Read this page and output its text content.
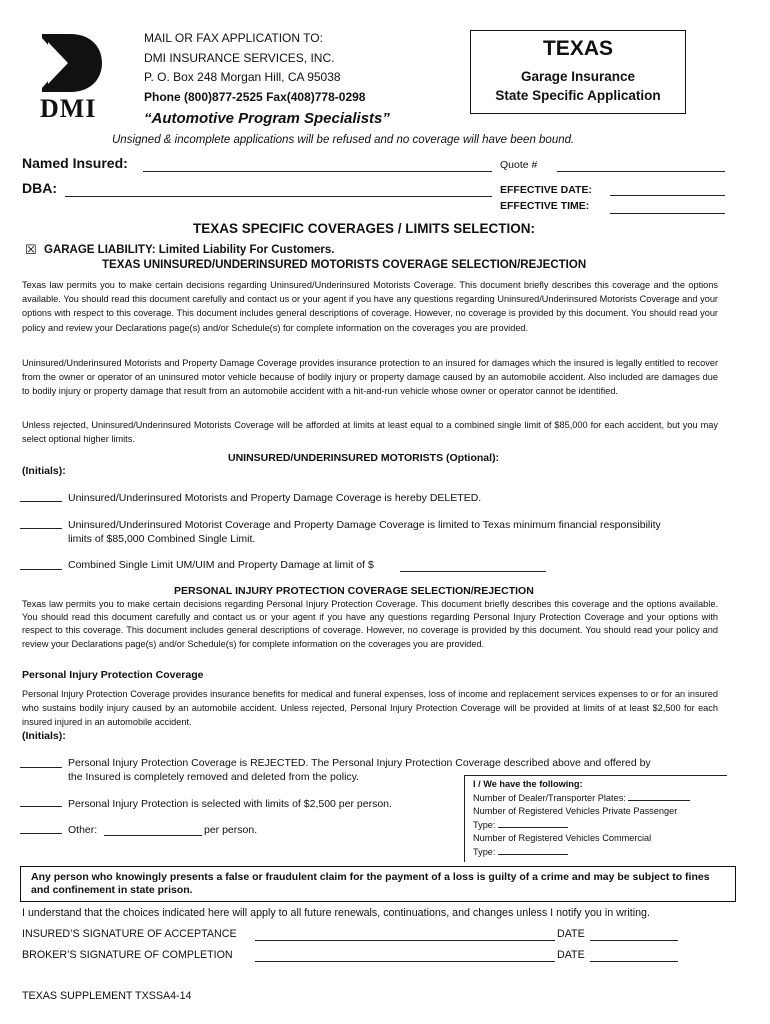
DMI
MAIL OR FAX APPLICATION TO:
DMI INSURANCE SERVICES, INC.
P. O. Box 248 Morgan Hill, CA 95038
Phone (800)877-2525 Fax(408)778-0298
“Automotive Program Specialists”
TEXAS
Garage Insurance
State Specific Application
Unsigned & incomplete applications will be refused and no coverage will have been bound.
Named Insured:
DBA:
Quote #
EFFECTIVE DATE:
EFFECTIVE TIME:
TEXAS SPECIFIC COVERAGES / LIMITS SELECTION:
☒ GARAGE LIABILITY: Limited Liability For Customers.
TEXAS UNINSURED/UNDERINSURED MOTORISTS COVERAGE SELECTION/REJECTION
Texas law permits you to make certain decisions regarding Uninsured/Underinsured Motorists Coverage. This document briefly describes this coverage and the options available. You should read this document carefully and contact us or your agent if you have any questions regarding Uninsured/Underinsured Motorists Coverage and your options with respect to this coverage. This document includes general descriptions of coverage. However, no coverage is provided by this document. You should read your policy and review your Declarations page(s) and/or Schedule(s) for complete information on the coverages you are provided.
Uninsured/Underinsured Motorists and Property Damage Coverage provides insurance protection to an insured for damages which the insured is legally entitled to recover from the owner or operator of an uninsured motor vehicle because of bodily injury or property damage caused by an automobile accident. Also included are damages due to bodily injury or property damage that result from an automobile accident with a hit-and-run vehicle whose owner or operator cannot be identified.
Unless rejected, Uninsured/Underinsured Motorists Coverage will be afforded at limits at least equal to a combined single limit of $85,000 for each accident, but you may select optional higher limits.
UNINSURED/UNDERINSURED MOTORISTS (Optional):
(Initials):
Uninsured/Underinsured Motorists and Property Damage Coverage is hereby DELETED.
Uninsured/Underinsured Motorist Coverage and Property Damage Coverage is limited to Texas minimum financial responsibility
limits of $85,000 Combined Single Limit.
Combined Single Limit UM/UIM and Property Damage at limit of $
PERSONAL INJURY PROTECTION COVERAGE SELECTION/REJECTION
Texas law permits you to make certain decisions regarding Personal Injury Protection Coverage. This document briefly describes this coverage and the options available. You should read this document carefully and contact us or your agent if you have any questions regarding Personal Injury Protection Coverage and your options with respect to this coverage. This document includes general descriptions of coverage. However, no coverage is provided by this document. You should read your policy and review your Declarations page(s) and/or Schedule(s) for complete information on the coverages you are provided.
Personal Injury Protection Coverage
Personal Injury Protection Coverage provides insurance benefits for medical and funeral expenses, loss of income and replacement services expenses to or for an insured who sustains bodily injury caused by an automobile accident. Unless rejected, Personal Injury Protection Coverage will be provided at limits of at least $2,500 for each insured injured in an automobile accident.
(Initials):
Personal Injury Protection Coverage is REJECTED. The Personal Injury Protection Coverage described above and offered by
the Insured is completely removed and deleted from the policy.
Personal Injury Protection is selected with limits of $2,500 per person.
Other:	per person.
I / We have the following:
Number of Dealer/Transporter Plates:
Number of Registered Vehicles Private Passenger
Type:
Number of Registered Vehicles Commercial
Type:
Any person who knowingly presents a false or fraudulent claim for the payment of a loss is guilty of a crime and may be subject to fines and confinement in state prison.
I understand that the choices indicated here will apply to all future renewals, continuations, and changes unless I notify you in writing.
INSURED’S SIGNATURE OF ACCEPTANCE	DATE
BROKER’S SIGNATURE OF COMPLETION	DATE
TEXAS SUPPLEMENT TXSSA4-14
